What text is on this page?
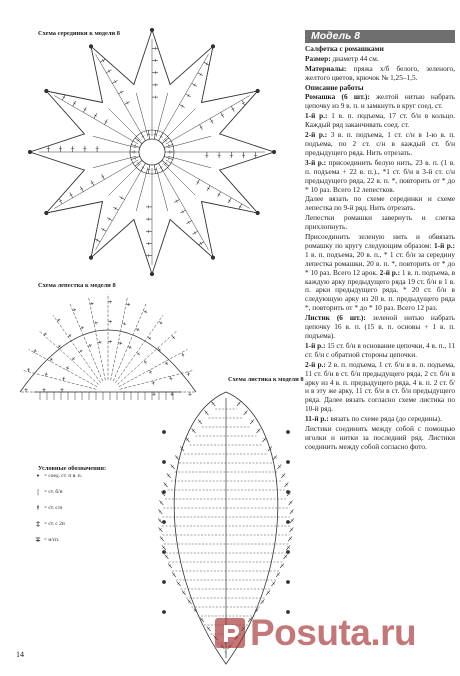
Схема серединки к модели 8
Схема лепестка к модели 8
Схема листика к модели 8
Условные обозначения:
• = соед. ст. п в. п.
| = ст. б/н
ǂ = ст. с/н
‡ = ст. с 2н
∓ = н/сп.
Модель 8

Салфетка с ромашками

Размер: диаметр 44 см.

Материалы: пряжа х/б белого, зеленого, желтого цветов, крючок № 1,25–1,5.

Описание работы

Ромашка (6 шт.): желтой нитью набрать цепочку из 9 в. п. и замкнуть в круг соед. ст.

1-й р.: 1 в. п. подъема, 17 ст. б/н в кольцо. Каждый ряд заканчивать соед. ст.

2-й р.: 3 в. п. подъема, 1 ст. с/н в 1-ю в. п. подъема, по 2 ст. с/н в каждый ст. б/н предыдущего ряда. Нить отрезать.

3-й р.: присоединить белую нить, 23 в. п. (1 в. п. подъема + 22 в. п.)., *1 ст. б/н в 3-й ст. с/н предыдущего ряда, 22 в. п. *, повторить от * до * 10 раз. Всего 12 лепестков.

Далее вязать по схеме серединки и схеме лепестка по 9-й ряд. Нить отрезать.

Лепестки ромашки завернуть и слегка прихлопнуть.

Присоединить зеленую нить и обвязать ромашку по кругу следующим образом: 1-й р.: 1 в. п. подъема, 20 в. п., * 1 ст. б/н за середину лепестка ромашки, 20 в. п. *, повторить от * до * 10 раз. Всего 12 арок. 2-й р.: 1 в. п. подъема, в каждую арку предыдущего ряда 19 ст. б/н в 1 в. п. арки предыдущего ряда, * 20 ст. б/н в следующую арку из 20 в. п. предыдущего ряда *, повторить от * до * 10 раз. Всего 12 раз.

Листик (6 шт.): зеленой нитью набрать цепочку 16 в. п. (15 в. п. основы + 1 в. п. подъема).

1-й р.: 15 ст. б/н в основание цепочки, 4 в. п., 11 ст. б/н с обратной стороны цепочки.

2-й р.: 2 в. п. подъема, 1 ст. б/н в в. п. подъема, 11 ст. б/н в ст. б/н предыдущего ряда, 2 ст. б/н в арку из 4 в. п. предыдущего ряда, 4 в. п. 2 ст. б/н в эту же арку, 11 ст. б/н в ст. б/н предыдущего ряда. Далее вязать согласно схеме листика по 10-й ряд.

11-й р.: вязать по схеме ряда (до середины).

Листики соединить между собой с помощью иголки и нитки за последний ряд. Листики соединить между собой согласно фото.

14
Posuta.ru
